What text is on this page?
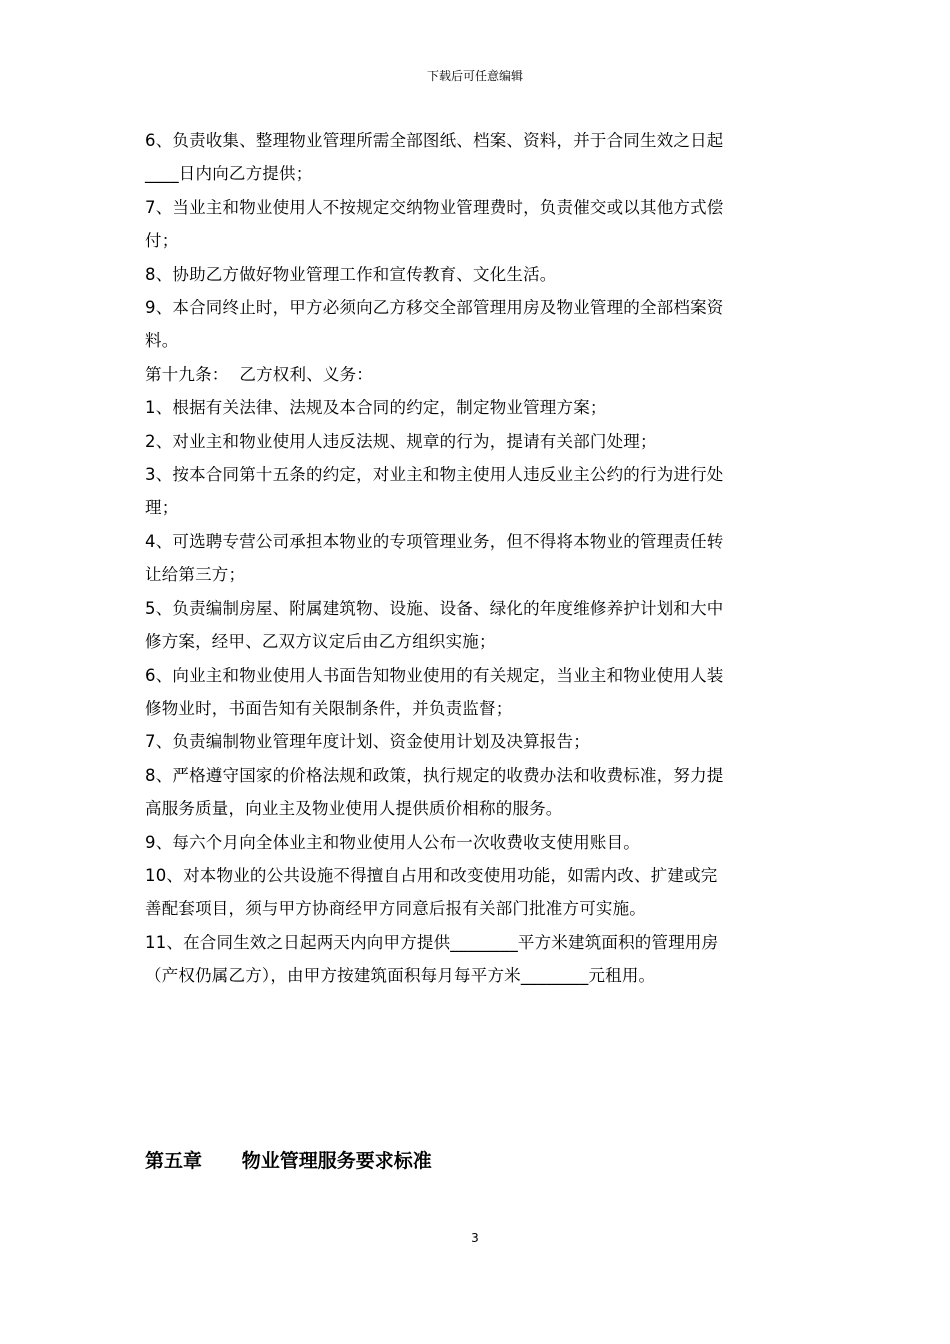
下载后可任意编辑

6、负责收集、整理物业管理所需全部图纸、档案、资料，并于合同生效之日起

____日内向乙方提供；

7、当业主和物业使用人不按规定交纳物业管理费时，负责催交或以其他方式偿

付；

8、协助乙方做好物业管理工作和宣传教育、文化生活。

9、本合同终止时，甲方必须向乙方移交全部管理用房及物业管理的全部档案资

料。

第十九条：  乙方权利、义务：

1、根据有关法律、法规及本合同的约定，制定物业管理方案；

2、对业主和物业使用人违反法规、规章的行为，提请有关部门处理；

3、按本合同第十五条的约定，对业主和物主使用人违反业主公约的行为进行处

理；

4、可选聘专营公司承担本物业的专项管理业务，但不得将本物业的管理责任转

让给第三方；

5、负责编制房屋、附属建筑物、设施、设备、绿化的年度维修养护计划和大中

修方案，经甲、乙双方议定后由乙方组织实施；

6、向业主和物业使用人书面告知物业使用的有关规定，当业主和物业使用人装

修物业时，书面告知有关限制条件，并负责监督；

7、负责编制物业管理年度计划、资金使用计划及决算报告；

8、严格遵守国家的价格法规和政策，执行规定的收费办法和收费标准，努力提

高服务质量，向业主及物业使用人提供质价相称的服务。

9、每六个月向全体业主和物业使用人公布一次收费收支使用账目。

10、对本物业的公共设施不得擅自占用和改变使用功能，如需内改、扩建或完

善配套项目，须与甲方协商经甲方同意后报有关部门批准方可实施。

11、在合同生效之日起两天内向甲方提供________平方米建筑面积的管理用房

（产权仍属乙方），由甲方按建筑面积每月每平方米________元租用。

第五章      物业管理服务要求标准
3
